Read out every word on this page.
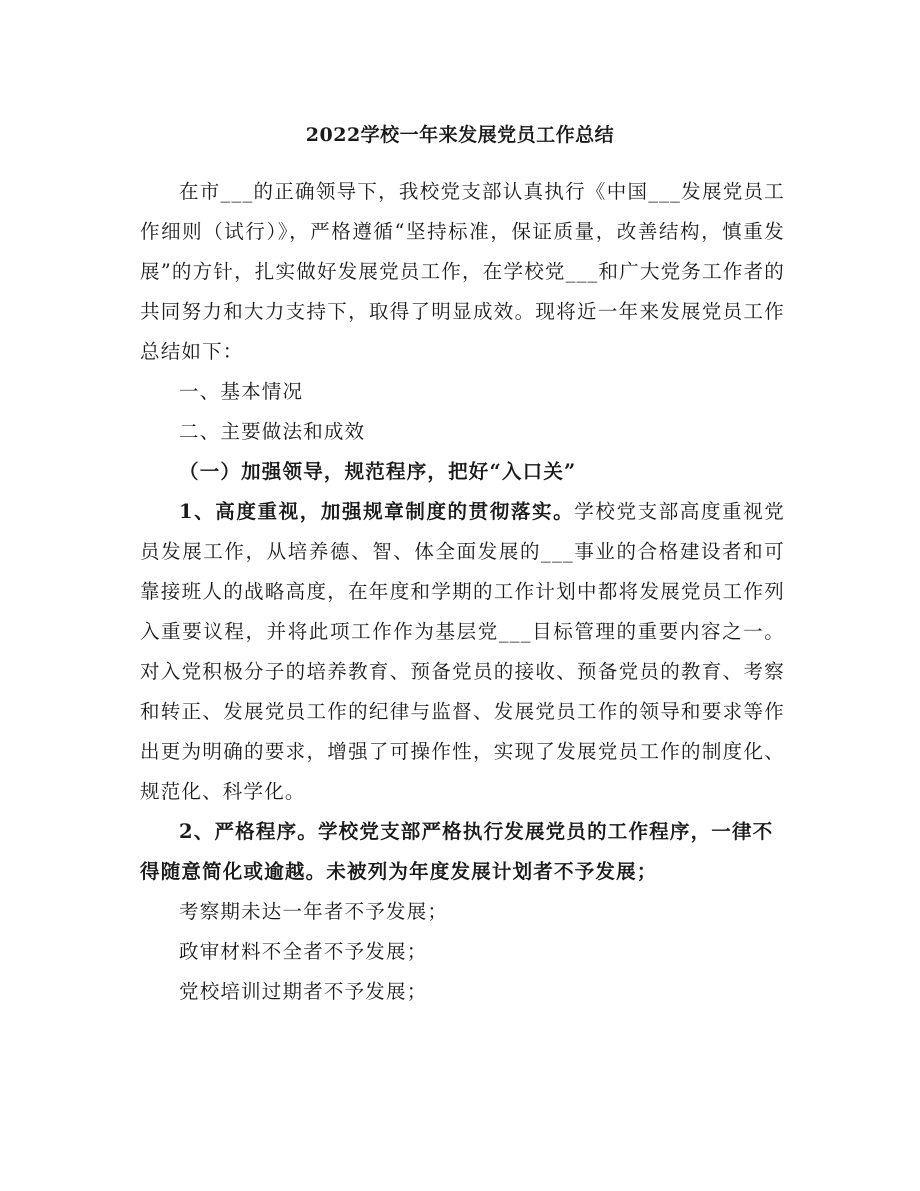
2022学校一年来发展党员工作总结

在市___的正确领导下，我校党支部认真执行《中国___发展党员工作细则（试行）》，严格遵循“坚持标准，保证质量，改善结构，慎重发展”的方针，扎实做好发展党员工作，在学校党___和广大党务工作者的共同努力和大力支持下，取得了明显成效。现将近一年来发展党员工作总结如下：

一、基本情况

二、主要做法和成效

（一）加强领导，规范程序，把好“入口关”

1、高度重视，加强规章制度的贯彻落实。学校党支部高度重视党员发展工作，从培养德、智、体全面发展的___事业的合格建设者和可靠接班人的战略高度，在年度和学期的工作计划中都将发展党员工作列入重要议程，并将此项工作作为基层党___目标管理的重要内容之一。对入党积极分子的培养教育、预备党员的接收、预备党员的教育、考察和转正、发展党员工作的纪律与监督、发展党员工作的领导和要求等作出更为明确的要求，增强了可操作性，实现了发展党员工作的制度化、规范化、科学化。

2、严格程序。学校党支部严格执行发展党员的工作程序，一律不得随意简化或逾越。未被列为年度发展计划者不予发展；

考察期未达一年者不予发展；

政审材料不全者不予发展；

党校培训过期者不予发展；
